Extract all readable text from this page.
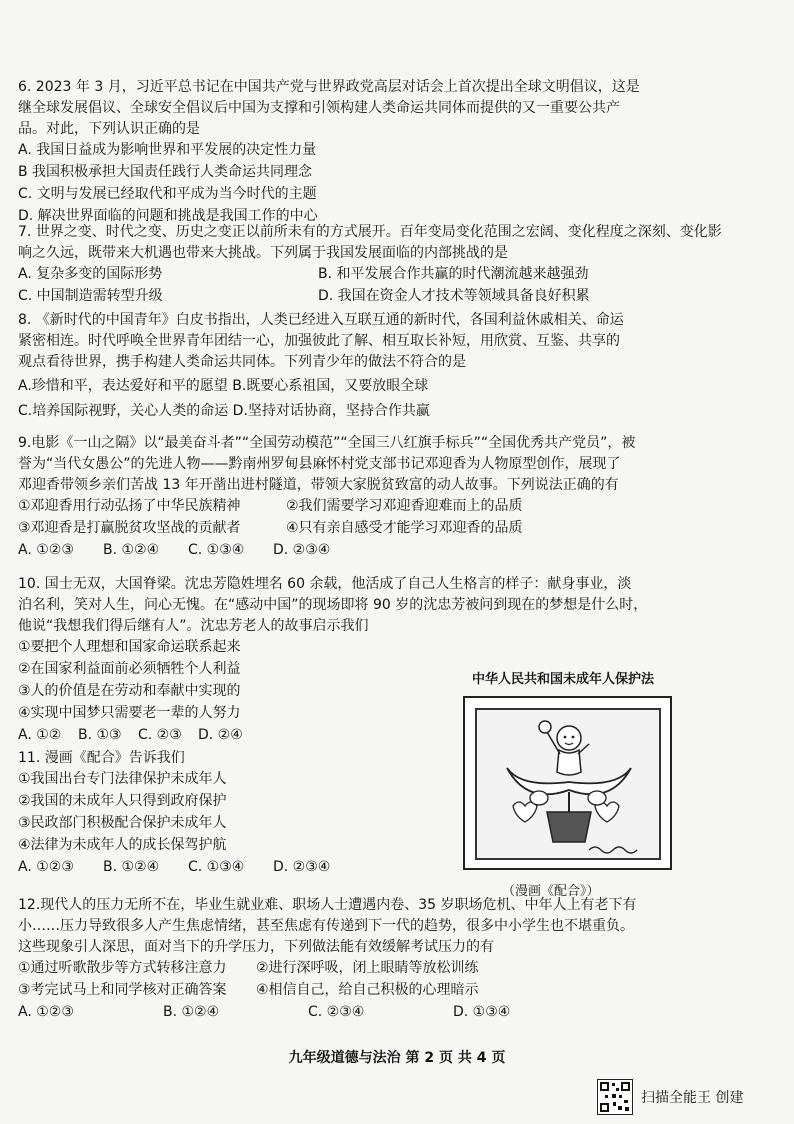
6. 2023 年 3 月，习近平总书记在中国共产党与世界政党高层对话会上首次提出全球文明倡议，这是
继全球发展倡议、全球安全倡议后中国为支撑和引领构建人类命运共同体而提供的又一重要公共产
品。对此，下列认识正确的是
A. 我国日益成为影响世界和平发展的决定性力量
B 我国积极承担大国责任践行人类命运共同理念
C. 文明与发展已经取代和平成为当今时代的主题
D. 解决世界面临的问题和挑战是我国工作的中心
7. 世界之变、时代之变、历史之变正以前所未有的方式展开。百年变局变化范围之宏阔、变化程度之深刻、变化影
响之久远，既带来大机遇也带来大挑战。下列属于我国发展面临的内部挑战的是
A. 复杂多变的国际形势	B. 和平发展合作共赢的时代潮流越来越强劲
C. 中国制造需转型升级	D. 我国在资金人才技术等领域具备良好积累
8. 《新时代的中国青年》白皮书指出，人类已经进入互联互通的新时代，各国利益休戚相关、命运
紧密相连。时代呼唤全世界青年团结一心，加强彼此了解、相互取长补短，用欣赏、互鉴、共享的
观点看待世界，携手构建人类命运共同体。下列青少年的做法不符合的是
A.珍惜和平，表达爱好和平的愿望 B.既要心系祖国，又要放眼全球
C.培养国际视野，关心人类的命运 D.坚持对话协商，坚持合作共赢
9.电影《一山之隔》以“最美奋斗者”“全国劳动模范”“全国三八红旗手标兵”“全国优秀共产党员”，被
誉为“当代女愚公”的先进人物——黔南州罗甸县麻怀村党支部书记邓迎香为人物原型创作，展现了
邓迎香带领乡亲们苦战 13 年开凿出进村隧道，带领大家脱贫致富的动人故事。下列说法正确的有
①邓迎香用行动弘扬了中华民族精神	②我们需要学习邓迎香迎难而上的品质
③邓迎香是打赢脱贫攻坚战的贡献者	④只有亲自感受才能学习邓迎香的品质
A. ①②③ B. ①②④ C. ①③④ D. ②③④
10. 国士无双，大国脊梁。沈忠芳隐姓埋名 60 余载，他活成了自己人生格言的样子：献身事业，淡
泊名利，笑对人生，问心无愧。在“感动中国”的现场即将 90 岁的沈忠芳被问到现在的梦想是什么时，
他说“我想我们得后继有人”。沈忠芳老人的故事启示我们
①要把个人理想和国家命运联系起来
②在国家利益面前必须牺牲个人利益
③人的价值是在劳动和奉献中实现的
④实现中国梦只需要老一辈的人努力
A. ①② B. ①③ C. ②③ D. ②④
11. 漫画《配合》告诉我们
①我国出台专门法律保护未成年人
②我国的未成年人只得到政府保护
③民政部门积极配合保护未成年人
④法律为未成年人的成长保驾护航
A. ①②③ B. ①②④ C. ①③④ D. ②③④
中华人民共和国未成年人保护法
（漫画《配合》）
12.现代人的压力无所不在，毕业生就业难、职场人士遭遇内卷、35 岁职场危机、中年人上有老下有
小……压力导致很多人产生焦虑情绪，甚至焦虑有传递到下一代的趋势，很多中小学生也不堪重负。
这些现象引人深思，面对当下的升学压力，下列做法能有效缓解考试压力的有
①通过听歌散步等方式转移注意力	②进行深呼吸，闭上眼睛等放松训练
③考完试马上和同学核对正确答案	④相信自己，给自己积极的心理暗示
A. ①②③	B. ①②④	C. ②③④	D. ①③④
九年级道德与法治 第 2 页 共 4 页
扫描全能王 创建
